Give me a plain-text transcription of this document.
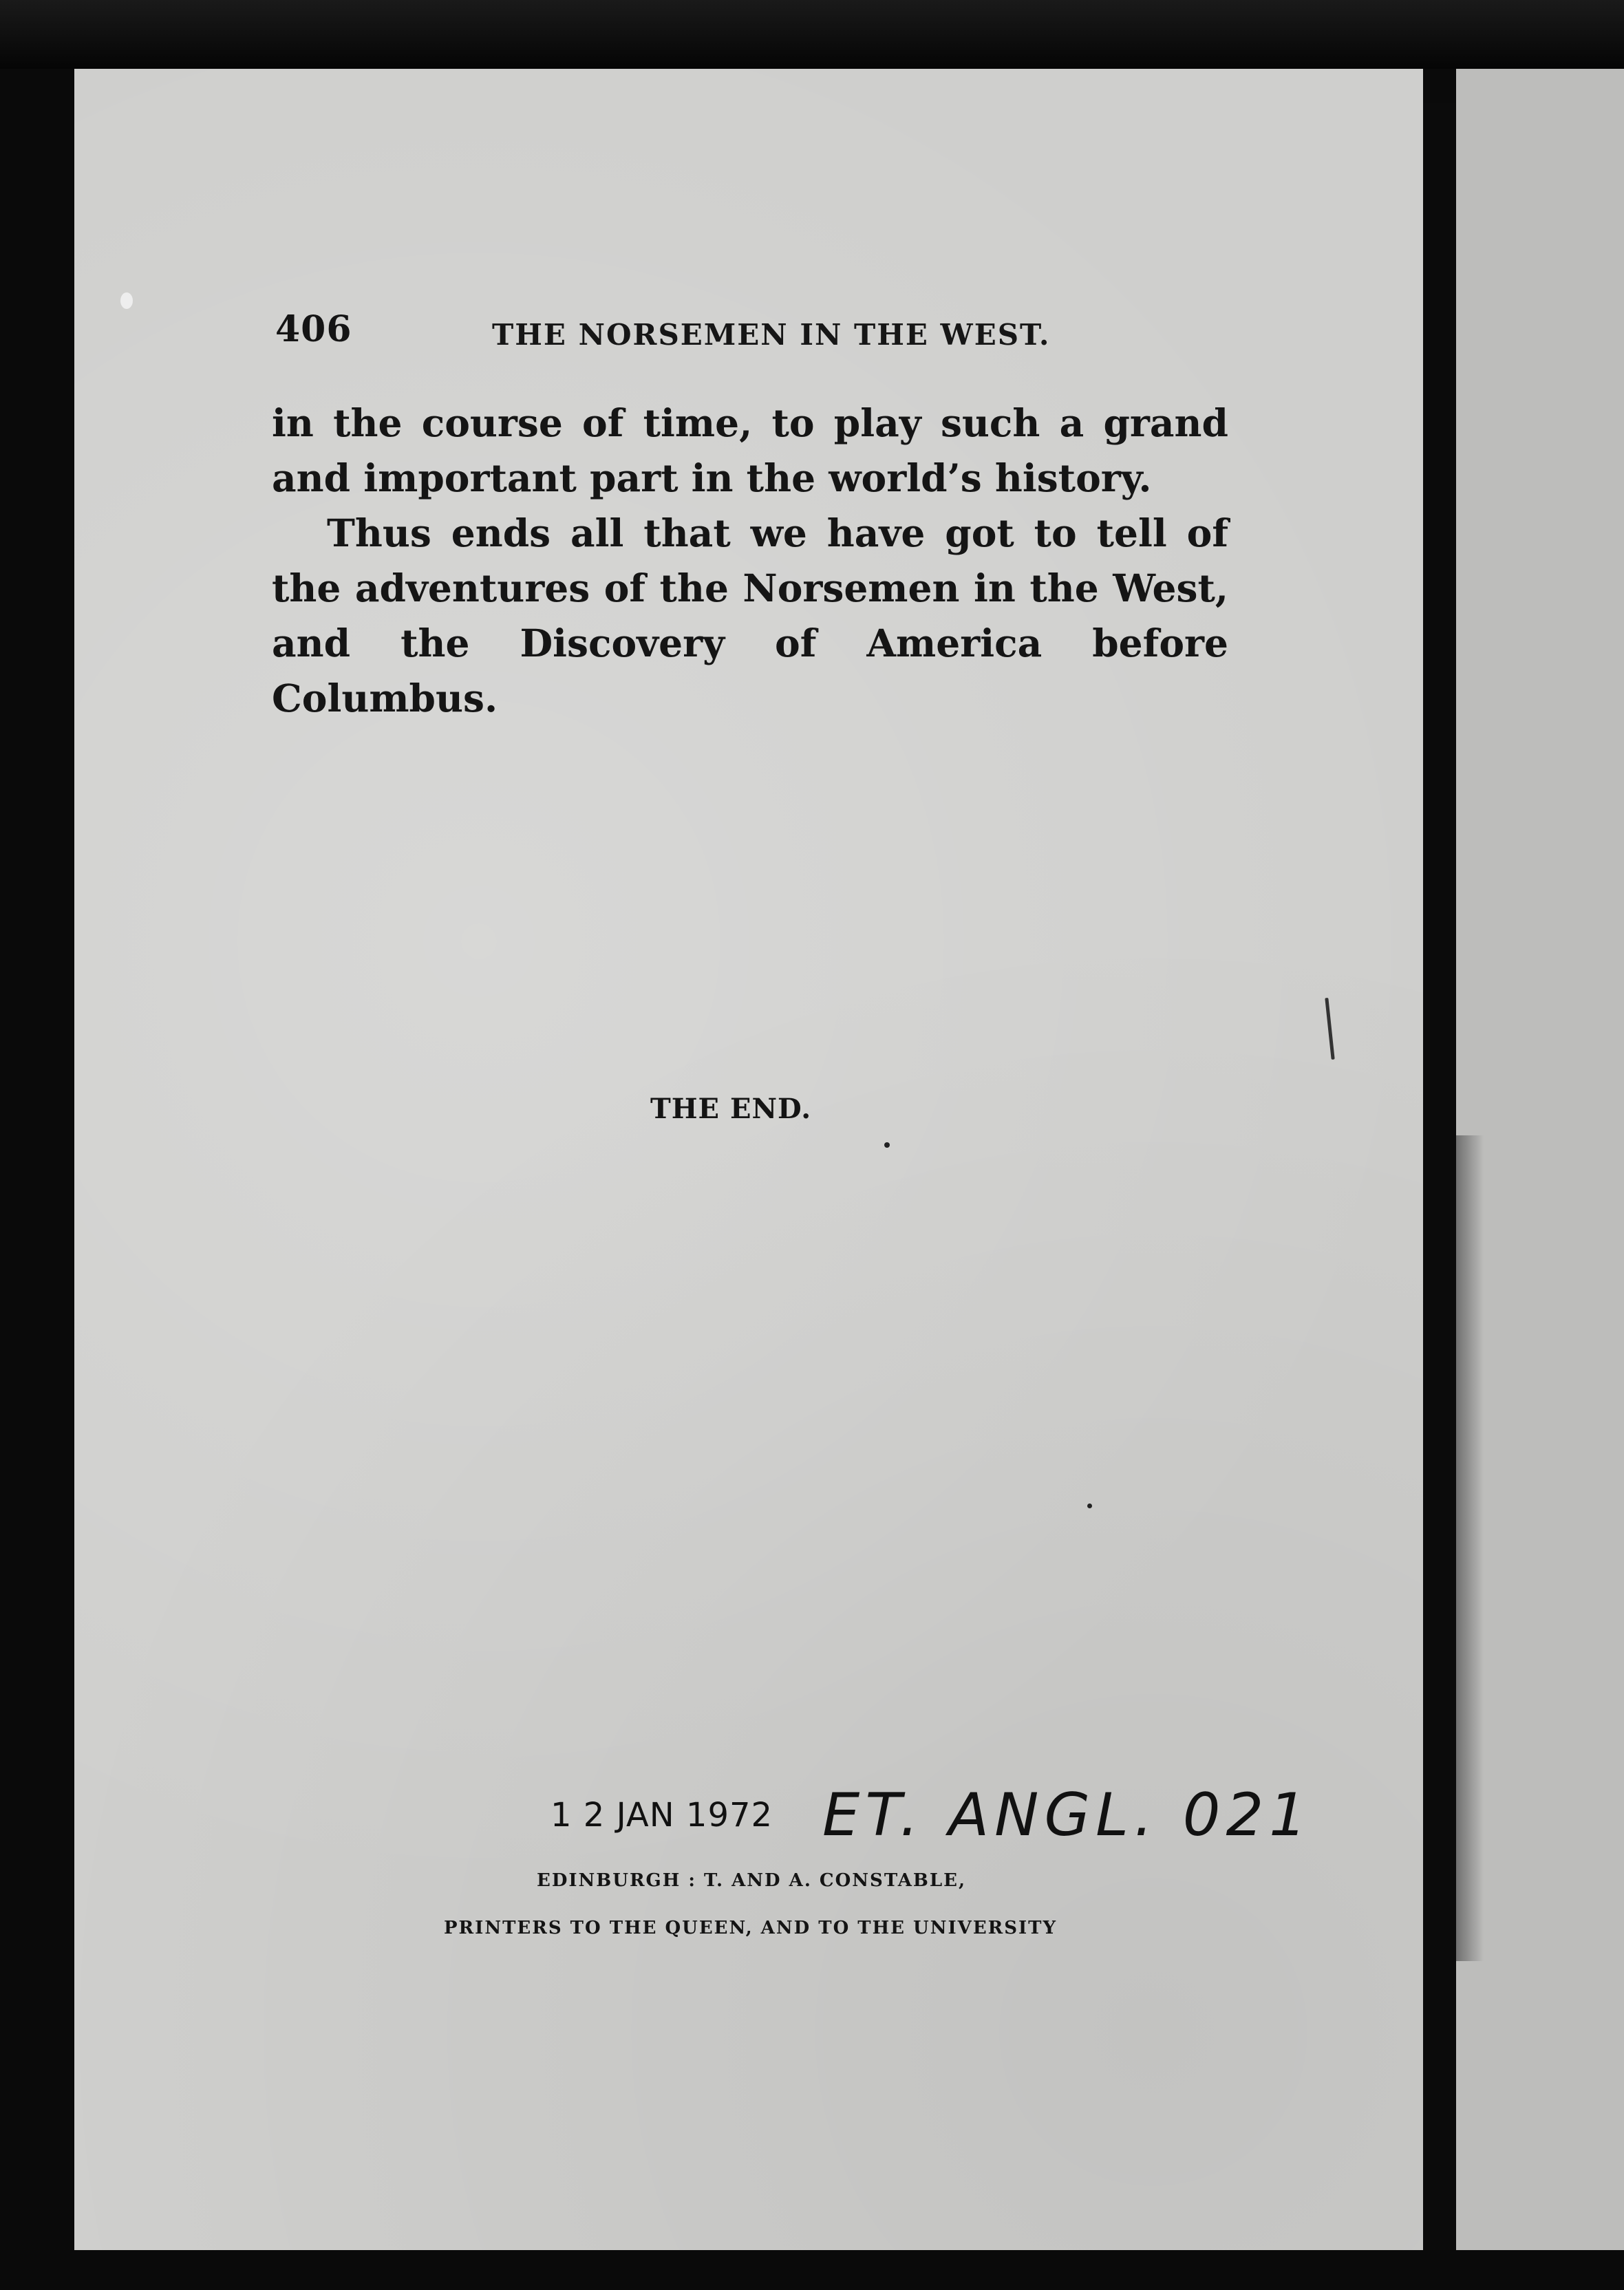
406	THE NORSEMEN IN THE WEST.

in the course of time, to play such a grand and important part in the world’s history.

Thus ends all that we have got to tell of the adventures of the Norsemen in the West, and the Discovery of America before Columbus.

THE END.
1 2 JAN 1972 ET. ANGL. 021
EDINBURGH : T. AND A. CONSTABLE,
PRINTERS TO THE QUEEN, AND TO THE UNIVERSITY
